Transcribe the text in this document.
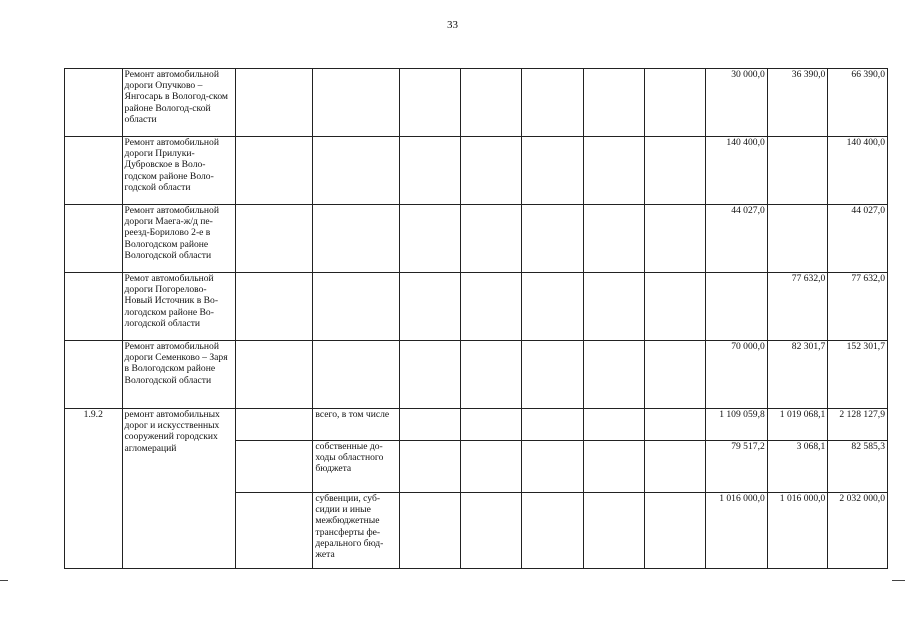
33
	Ремонт автомобильной дороги Опучково – Янгосарь в Вологод-ском районе Вологод-ской области								30 000,0	36 390,0	66 390,0
	Ремонт автомобильной дороги Прилуки-Дубровское в Воло-годском районе Воло-годской области								140 400,0		140 400,0
	Ремонт автомобильной дороги Маега-ж/д пе-реезд-Борилово 2-е в Вологодском районе Вологодской области								44 027,0		44 027,0
	Ремот автомобильной дороги Погорелово-Новый Источник в Во-логодском районе Во-логодской области									77 632,0	77 632,0
	Ремонт автомобильной дороги Семенково – Заря в Вологодском районе Вологодской области								70 000,0	82 301,7	152 301,7
1.9.2	ремонт автомобильных дорог и искусственных сооружений городских агломераций		всего, в том числе						1 109 059,8	1 019 068,1	2 128 127,9
			собственные до-ходы областного бюджета						79 517,2	3 068,1	82 585,3
			субвенции, суб-сидии и иные межбюджетные трансферты фе-дерального бюд-жета						1 016 000,0	1 016 000,0	2 032 000,0
